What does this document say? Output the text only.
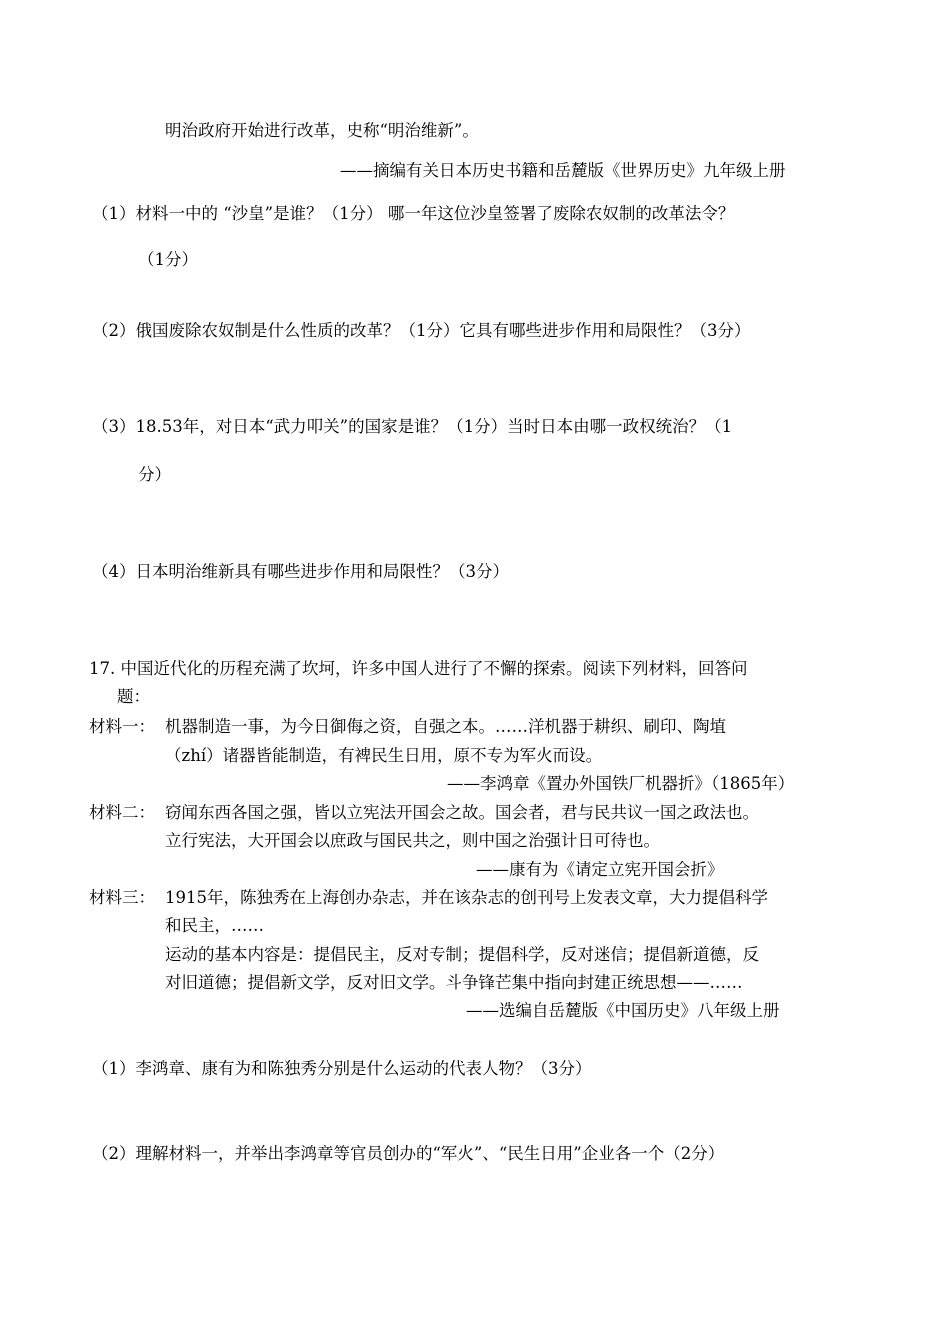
明治政府开始进行改革，史称“明治维新”。
——摘编有关日本历史书籍和岳麓版《世界历史》九年级上册
（1）材料一中的 “沙皇”是谁？（1分） 哪一年这位沙皇签署了废除农奴制的改革法令？
（1分）
（2）俄国废除农奴制是什么性质的改革？（1分）它具有哪些进步作用和局限性？（3分）
（3）18.53年，对日本“武力叩关”的国家是谁？（1分）当时日本由哪一政权统治？（1
分）
（4）日本明治维新具有哪些进步作用和局限性？（3分）
17. 中国近代化的历程充满了坎坷，许多中国人进行了不懈的探索。阅读下列材料，回答问
题：
材料一： 机器制造一事，为今日御侮之资，自强之本。……洋机器于耕织、刷印、陶埴
（zhí）诸器皆能制造，有裨民生日用，原不专为军火而设。
——李鸿章《置办外国铁厂机器折》（1865年）
材料二： 窃闻东西各国之强，皆以立宪法开国会之故。国会者，君与民共议一国之政法也。
立行宪法，大开国会以庶政与国民共之，则中国之治强计日可待也。
——康有为《请定立宪开国会折》
材料三： 1915年，陈独秀在上海创办杂志，并在该杂志的创刊号上发表文章，大力提倡科学
和民主，……
运动的基本内容是：提倡民主，反对专制；提倡科学，反对迷信；提倡新道德，反
对旧道德；提倡新文学，反对旧文学。斗争锋芒集中指向封建正统思想——……
——选编自岳麓版《中国历史》八年级上册
（1）李鸿章、康有为和陈独秀分别是什么运动的代表人物？（3分）
（2）理解材料一，并举出李鸿章等官员创办的“军火”、“民生日用”企业各一个（2分）
